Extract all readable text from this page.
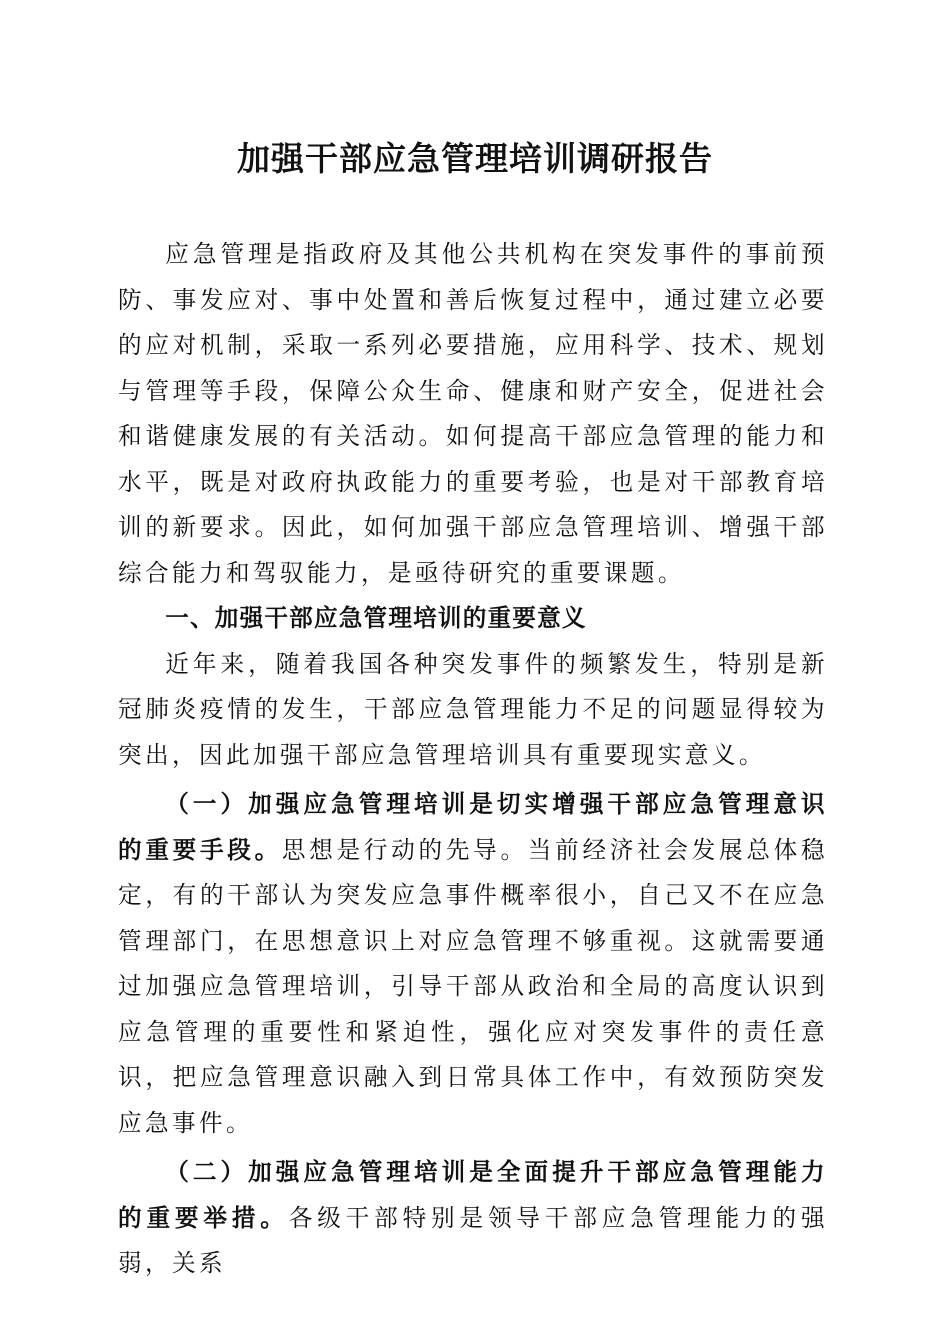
加强干部应急管理培训调研报告

应急管理是指政府及其他公共机构在突发事件的事前预防、事发应对、事中处置和善后恢复过程中，通过建立必要的应对机制，采取一系列必要措施，应用科学、技术、规划与管理等手段，保障公众生命、健康和财产安全，促进社会和谐健康发展的有关活动。如何提高干部应急管理的能力和水平，既是对政府执政能力的重要考验，也是对干部教育培训的新要求。因此，如何加强干部应急管理培训、增强干部综合能力和驾驭能力，是亟待研究的重要课题。

一、加强干部应急管理培训的重要意义

近年来，随着我国各种突发事件的频繁发生，特别是新冠肺炎疫情的发生，干部应急管理能力不足的问题显得较为突出，因此加强干部应急管理培训具有重要现实意义。

（一）加强应急管理培训是切实增强干部应急管理意识的重要手段。思想是行动的先导。当前经济社会发展总体稳定，有的干部认为突发应急事件概率很小，自己又不在应急管理部门，在思想意识上对应急管理不够重视。这就需要通过加强应急管理培训，引导干部从政治和全局的高度认识到应急管理的重要性和紧迫性，强化应对突发事件的责任意识，把应急管理意识融入到日常具体工作中，有效预防突发应急事件。

（二）加强应急管理培训是全面提升干部应急管理能力的重要举措。各级干部特别是领导干部应急管理能力的强弱，关系
